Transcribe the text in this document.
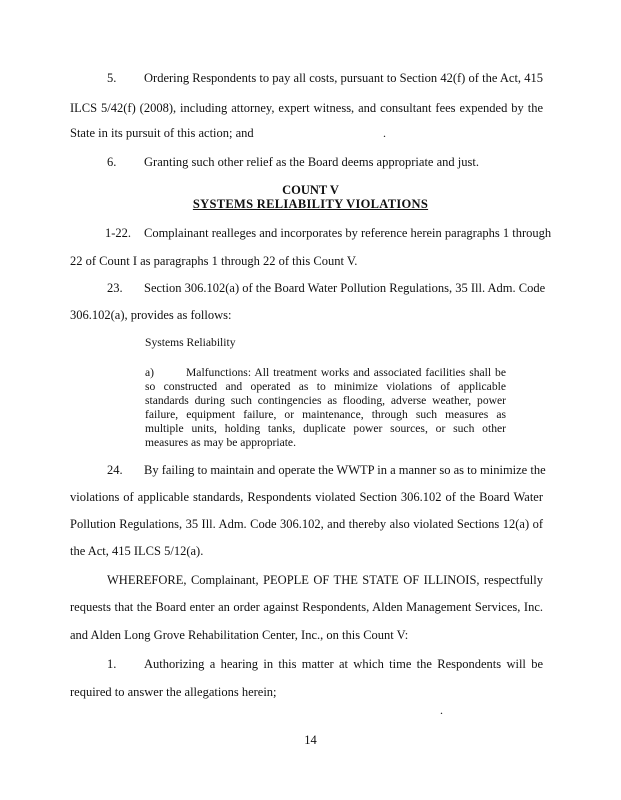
5. Ordering Respondents to pay all costs, pursuant to Section 42(f) of the Act, 415
ILCS 5/42(f) (2008), including attorney, expert witness, and consultant fees expended by the
State in its pursuit of this action; and	.
6. Granting such other relief as the Board deems appropriate and just.
COUNT V
SYSTEMS RELIABILITY VIOLATIONS
1-22. Complainant realleges and incorporates by reference herein paragraphs 1 through
22 of Count I as paragraphs 1 through 22 of this Count V.
23. Section 306.102(a) of the Board Water Pollution Regulations, 35 Ill. Adm. Code
306.102(a), provides as follows:
Systems Reliability
a)	Malfunctions: All treatment works and associated facilities shall be
so constructed and operated as to minimize violations of applicable
standards during such contingencies as flooding, adverse weather, power
failure, equipment failure, or maintenance, through such measures as
multiple units, holding tanks, duplicate power sources, or such other
measures as may be appropriate.
24. By failing to maintain and operate the WWTP in a manner so as to minimize the
violations of applicable standards, Respondents violated Section 306.102 of the Board Water
Pollution Regulations, 35 Ill. Adm. Code 306.102, and thereby also violated Sections 12(a) of
the Act, 415 ILCS 5/12(a).
WHEREFORE, Complainant, PEOPLE OF THE STATE OF ILLINOIS, respectfully
requests that the Board enter an order against Respondents, Alden Management Services, Inc.
and Alden Long Grove Rehabilitation Center, Inc., on this Count V:
1. Authorizing a hearing in this matter at which time the Respondents will be
required to answer the allegations herein;
.
14
